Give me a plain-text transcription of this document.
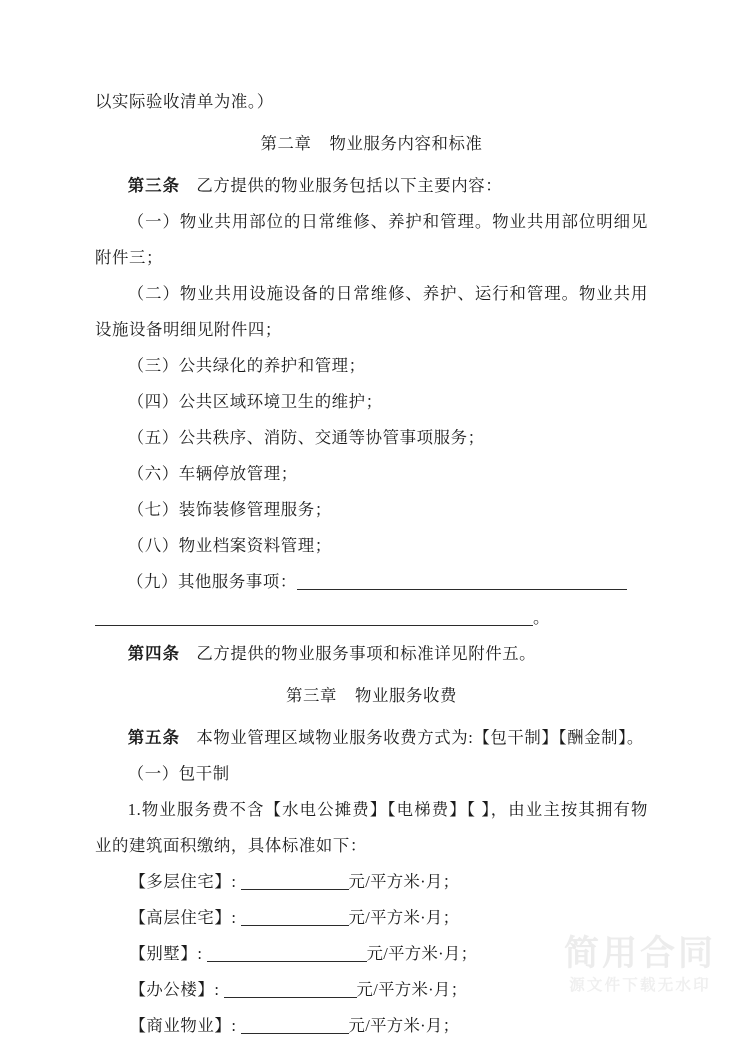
以实际验收清单为准。）
第二章 物业服务内容和标准
第三条 乙方提供的物业服务包括以下主要内容：
（一）物业共用部位的日常维修、养护和管理。物业共用部位明细见附件三；
（二）物业共用设施设备的日常维修、养护、运行和管理。物业共用设施设备明细见附件四；
（三）公共绿化的养护和管理；
（四）公共区域环境卫生的维护；
（五）公共秩序、消防、交通等协管事项服务；
（六）车辆停放管理；
（七）装饰装修管理服务；
（八）物业档案资料管理；
（九）其他服务事项：
。
第四条 乙方提供的物业服务事项和标准详见附件五。
第三章 物业服务收费
第五条 本物业管理区域物业服务收费方式为:【包干制】【酬金制】。
（一）包干制
1.物业服务费不含【水电公摊费】【电梯费】【 】，由业主按其拥有物业的建筑面积缴纳，具体标准如下：
【多层住宅】:	元/平方米·月；
【高层住宅】:	元/平方米·月；
【别墅】:	元/平方米·月；
【办公楼】:	元/平方米·月；
【商业物业】:	元/平方米·月；
简用合同
源文件下载无水印
